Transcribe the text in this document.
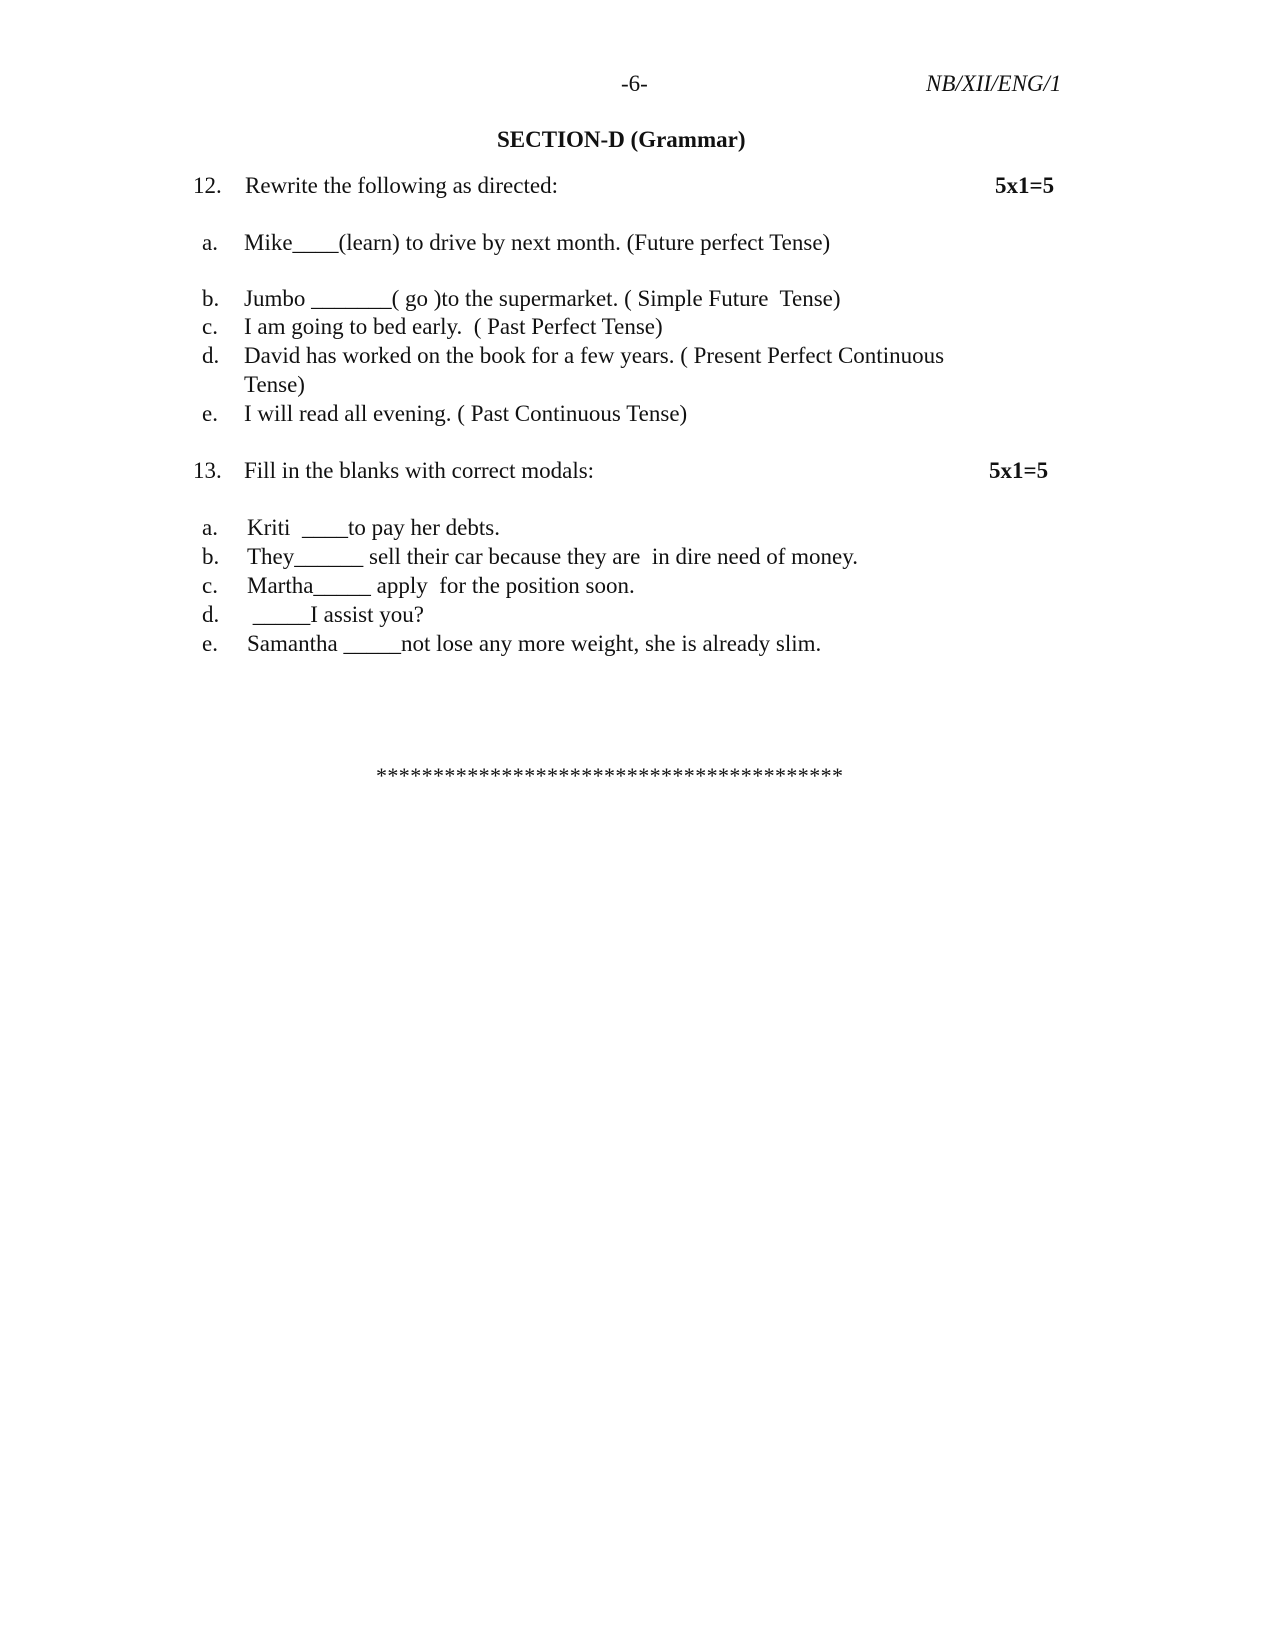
-6-	NB/XII/ENG/1
SECTION-D (Grammar)
12. Rewrite the following as directed:	5x1=5
a. Mike____(learn) to drive by next month. (Future perfect Tense)
b. Jumbo _______( go )to the supermarket. ( Simple Future  Tense)
c. I am going to bed early.  ( Past Perfect Tense)
d. David has worked on the book for a few years. ( Present Perfect Continuous
Tense)
e. I will read all evening. ( Past Continuous Tense)
13. Fill in the blanks with correct modals:	5x1=5
a. Kriti  ____to pay her debts.
b. They______ sell their car because they are  in dire need of money.
c. Martha_____ apply  for the position soon.
d. _____I assist you?
e. Samantha _____not lose any more weight, she is already slim.
*****************************************
